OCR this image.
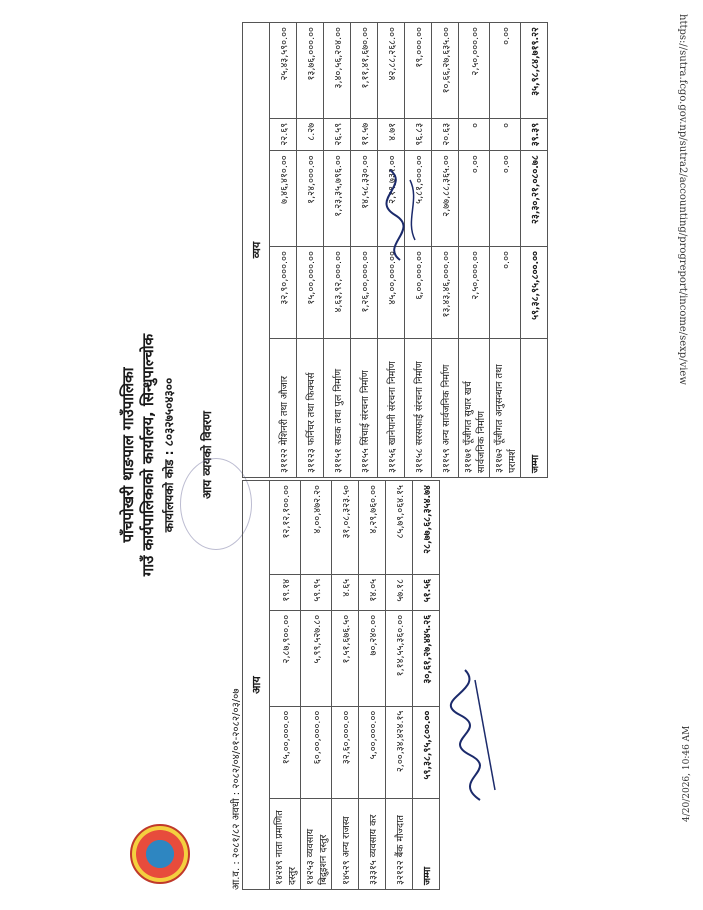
https://sutra.fcgo.gov.np/sutra2/accounting/progreport/income/sexp/view
4/20/2026, 10:46 AM
पाँचपोखरी थाङपाल गाउँपालिका गाउँ कार्यपालिकाको कार्यालय, सिन्धुपाल्चोक कार्यालयको कोड : ८०३२७५०४३०० आय व्ययको विवरण
आ.व. : २०८१/८२ अवधी : २०८२/०४/०१-२०८२/०३/०७
आय				
१४२४९ नाता प्रमाणित दस्तुर	१५,००,०००.००	२,८७,९००.००	१९.१४	१२,१२,१००.००
१४२५३ व्यवसाय बिद्रुइशन दस्तुर	६०,००,०००.००	५,९९,५२७.८०	५९.९५	४,००,४७२.२०
१४५२९ अन्य राजस्व	३२,६०,०००.००	१,५१,६७६.५०	४.६५	३१,०८,३२३.५०
३३३१५ व्यवसाय कर	५,००,०००.००	७०,२४०.००	१४.०५	४,२९,७६०.००
३२१२२ बैंक मौज्दात	२,००,३४,४२४.१५	१,१४,५५,३६०.००	५७.१८	८५,७९,०६४.१५
जम्मा	५९,३८,९५,८००.००	३०,६१,२७,४४५.२६	५१.५६	२८,७७,६८,३५४.७४
व्यय				
३११२२ मेशिनरी तथा औजार	३२,९०,०००.००	७,४६,४१०.००	२२.६९	२५,४३,५९०.००
३११२३ फर्निचर तथा फिक्चर्स	१५,००,०००.००	१,२४,०००.००	८.२७	१३,७६,०००.००
३११५१ सडक तथा पुल निर्माण	४,६३,९२,०००.००	१,२३,३५,७९६.००	२६.५९	३,४०,५६,२०४.००
३११५५ सिंचाई संरचना निर्माण	१,२६,००,०००.००	१४,५८,३३०.००	११.५७	१,११,४१,६७०.००
३११५६ खानेपानी संरचना निर्माण	४५,००,०००.००	२,११,७३२.००	४.७१	४२,८८,२६८.००
३११५८ सरसफाई संरचना निर्माण	६,००,०००.००	५,८१,०००.००	९६.८३	१९,०००.००
३११५९ अन्य सार्वजनिक निर्माण	१३,४३,४६,०००.००	२,७७,८८,३६५.००	२०.६३	१०,६६,२७,६३५.००
३११७१ पूँजीगत सुधार खर्च सार्वजनिक निर्माण	२,५०,०००.००	०.००	०	२,५०,०००.००
३११७२ पूँजीगत अनुसन्धान तथा परामर्श	०.००	०.००	०	०.००
जम्मा	५९,३८,९५,८००.००	२३,३०,२१,०८०.७८	३९.३९	३५,९८,८४,७१९.२२
